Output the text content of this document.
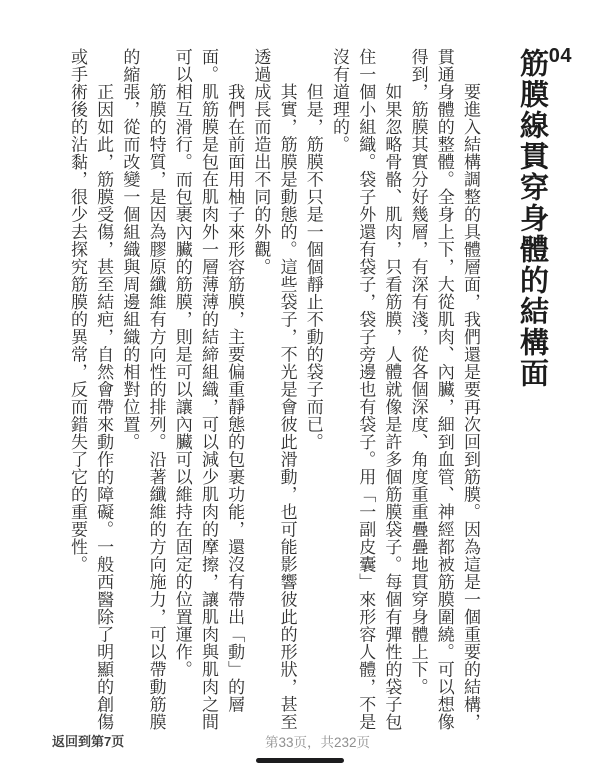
04
筋膜線貫穿身體的結構面
要進入結構調整的具體層面，我們還是要再次回到筋膜。因為這是一個重要的結構，
貫通身體的整體。全身上下，大從肌肉、內臟，細到血管、神經都被筋膜圍繞。可以想像
得到，筋膜其實分好幾層，有深有淺，從各個深度、角度重重疊疊地貫穿身體上下。
如果忽略骨骼、肌肉，只看筋膜，人體就像是許多個筋膜袋子。每個有彈性的袋子包
住一個小組織。袋子外還有袋子，袋子旁邊也有袋子。用「一副皮囊」來形容人體，不是
沒有道理的。
但是，筋膜不只是一個個靜止不動的袋子而已。
其實，筋膜是動態的。這些袋子，不光是會彼此滑動，也可能影響彼此的形狀，甚至
透過成長而造出不同的外觀。
我們在前面用柚子來形容筋膜，主要偏重靜態的包裹功能，還沒有帶出「動」的層
面。肌筋膜是包在肌肉外一層薄薄的結締組織，可以減少肌肉的摩擦，讓肌肉與肌肉之間
可以相互滑行。而包裹內臟的筋膜，則是可以讓內臟可以維持在固定的位置運作。
筋膜的特質，是因為膠原纖維有方向性的排列。沿著纖維的方向施力，可以帶動筋膜
的縮張，從而改變一個組織與周邊組織的相對位置。
正因如此，筋膜受傷，甚至結疤，自然會帶來動作的障礙。一般西醫除了明顯的創傷
或手術後的沾黏，很少去探究筋膜的異常，反而錯失了它的重要性。
返回到第7页	第33页，共232页
